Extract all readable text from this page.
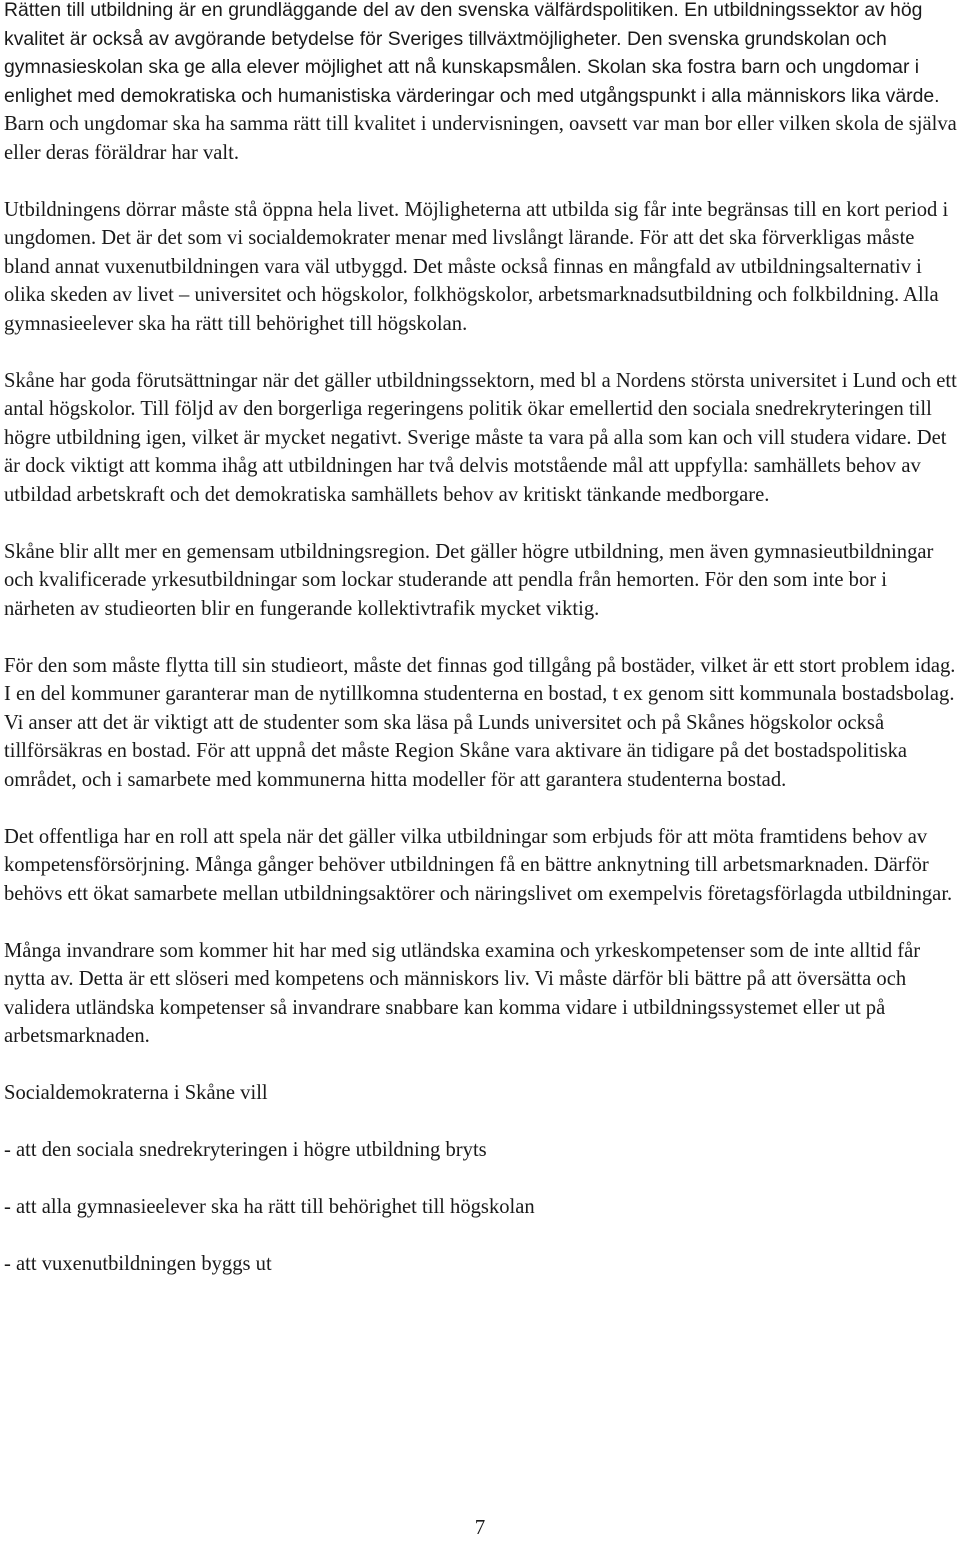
Rätten till utbildning är en grundläggande del av den svenska välfärdspolitiken. En utbildningssektor av hög kvalitet är också av avgörande betydelse för Sveriges tillväxtmöjligheter. Den svenska grundskolan och gymnasieskolan ska ge alla elever möjlighet att nå kunskapsmålen. Skolan ska fostra barn och ungdomar i enlighet med demokratiska och humanistiska värderingar och med utgångspunkt i alla människors lika värde. Barn och ungdomar ska ha samma rätt till kvalitet i undervisningen, oavsett var man bor eller vilken skola de själva eller deras föräldrar har valt.

Utbildningens dörrar måste stå öppna hela livet. Möjligheterna att utbilda sig får inte begränsas till en kort period i ungdomen. Det är det som vi socialdemokrater menar med livslångt lärande. För att det ska förverkligas måste bland annat vuxenutbildningen vara väl utbyggd. Det måste också finnas en mångfald av utbildningsalternativ i olika skeden av livet – universitet och högskolor, folkhögskolor, arbetsmarknadsutbildning och folkbildning. Alla gymnasieelever ska ha rätt till behörighet till högskolan.

Skåne har goda förutsättningar när det gäller utbildningssektorn, med bl a Nordens största universitet i Lund och ett antal högskolor. Till följd av den borgerliga regeringens politik ökar emellertid den sociala snedrekryteringen till högre utbildning igen, vilket är mycket negativt. Sverige måste ta vara på alla som kan och vill studera vidare. Det är dock viktigt att komma ihåg att utbildningen har två delvis motstående mål att uppfylla: samhällets behov av utbildad arbetskraft och det demokratiska samhällets behov av kritiskt tänkande medborgare.

Skåne blir allt mer en gemensam utbildningsregion. Det gäller högre utbildning, men även gymnasieutbildningar och kvalificerade yrkesutbildningar som lockar studerande att pendla från hemorten. För den som inte bor i närheten av studieorten blir en fungerande kollektivtrafik mycket viktig.

För den som måste flytta till sin studieort, måste det finnas god tillgång på bostäder, vilket är ett stort problem idag. I en del kommuner garanterar man de nytillkomna studenterna en bostad, t ex genom sitt kommunala bostadsbolag. Vi anser att det är viktigt att de studenter som ska läsa på Lunds universitet och på Skånes högskolor också tillförsäkras en bostad. För att uppnå det måste Region Skåne vara aktivare än tidigare på det bostadspolitiska området, och i samarbete med kommunerna hitta modeller för att garantera studenterna bostad.

Det offentliga har en roll att spela när det gäller vilka utbildningar som erbjuds för att möta framtidens behov av kompetensförsörjning. Många gånger behöver utbildningen få en bättre anknytning till arbetsmarknaden. Därför behövs ett ökat samarbete mellan utbildningsaktörer och näringslivet om exempelvis företagsförlagda utbildningar.

Många invandrare som kommer hit har med sig utländska examina och yrkeskompetenser som de inte alltid får nytta av. Detta är ett slöseri med kompetens och människors liv. Vi måste därför bli bättre på att översätta och validera utländska kompetenser så invandrare snabbare kan komma vidare i utbildningssystemet eller ut på arbetsmarknaden.

Socialdemokraterna i Skåne vill

- att den sociala snedrekryteringen i högre utbildning bryts

- att alla gymnasieelever ska ha rätt till behörighet till högskolan

- att vuxenutbildningen byggs ut

7
